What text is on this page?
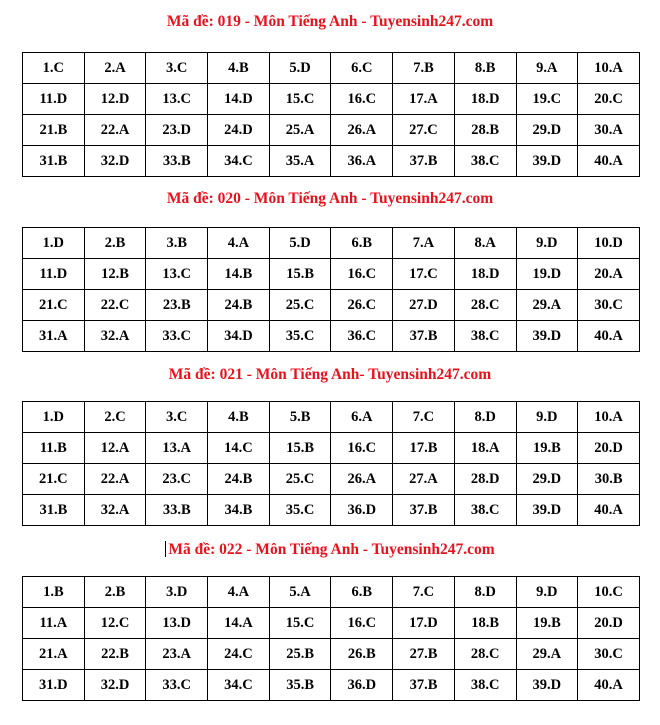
Mã đề: 019 - Môn Tiếng Anh - Tuyensinh247.com
1.C	2.A	3.C	4.B	5.D	6.C	7.B	8.B	9.A	10.A
11.D	12.D	13.C	14.D	15.C	16.C	17.A	18.D	19.C	20.C
21.B	22.A	23.D	24.D	25.A	26.A	27.C	28.B	29.D	30.A
31.B	32.D	33.B	34.C	35.A	36.A	37.B	38.C	39.D	40.A
Mã đề: 020 - Môn Tiếng Anh - Tuyensinh247.com
1.D	2.B	3.B	4.A	5.D	6.B	7.A	8.A	9.D	10.D
11.D	12.B	13.C	14.B	15.B	16.C	17.C	18.D	19.D	20.A
21.C	22.C	23.B	24.B	25.C	26.C	27.D	28.C	29.A	30.C
31.A	32.A	33.C	34.D	35.C	36.C	37.B	38.C	39.D	40.A
Mã đề: 021 - Môn Tiếng Anh- Tuyensinh247.com
1.D	2.C	3.C	4.B	5.B	6.A	7.C	8.D	9.D	10.A
11.B	12.A	13.A	14.C	15.B	16.C	17.B	18.A	19.B	20.D
21.C	22.A	23.C	24.B	25.C	26.A	27.A	28.D	29.D	30.B
31.B	32.A	33.B	34.B	35.C	36.D	37.B	38.C	39.D	40.A
Mã đề: 022 - Môn Tiếng Anh - Tuyensinh247.com
1.B	2.B	3.D	4.A	5.A	6.B	7.C	8.D	9.D	10.C
11.A	12.C	13.D	14.A	15.C	16.C	17.D	18.B	19.B	20.D
21.A	22.B	23.A	24.C	25.B	26.B	27.B	28.C	29.A	30.C
31.D	32.D	33.C	34.C	35.B	36.D	37.B	38.C	39.D	40.A
